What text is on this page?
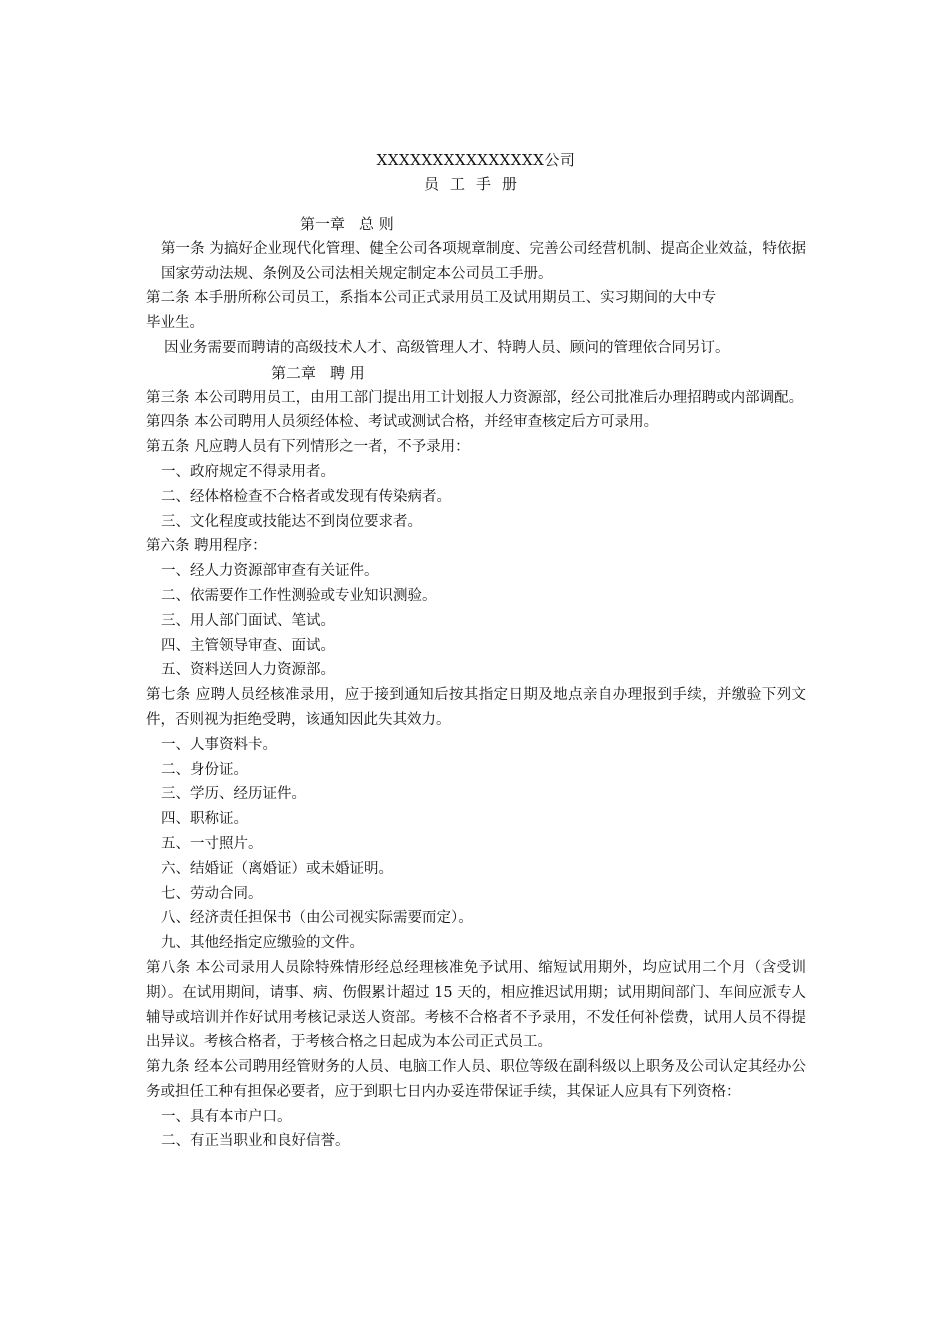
XXXXXXXXXXXXXXX公司
员工手册
第一章 总 则

第一条 为搞好企业现代化管理、健全公司各项规章制度、完善公司经营机制、提高企业效益，特依据国家劳动法规、条例及公司法相关规定制定本公司员工手册。

第二条 本手册所称公司员工，系指本公司正式录用员工及试用期员工、实习期间的大中专

毕业生。

因业务需要而聘请的高级技术人才、高级管理人才、特聘人员、顾问的管理依合同另订。

第二章 聘 用

第三条 本公司聘用员工，由用工部门提出用工计划报人力资源部，经公司批准后办理招聘或内部调配。

第四条 本公司聘用人员须经体检、考试或测试合格，并经审查核定后方可录用。

第五条 凡应聘人员有下列情形之一者，不予录用：

一、政府规定不得录用者。
二、经体格检查不合格者或发现有传染病者。
三、文化程度或技能达不到岗位要求者。

第六条 聘用程序：

一、经人力资源部审查有关证件。
二、依需要作工作性测验或专业知识测验。
三、用人部门面试、笔试。
四、主管领导审查、面试。
五、资料送回人力资源部。

第七条 应聘人员经核准录用，应于接到通知后按其指定日期及地点亲自办理报到手续，并缴验下列文件，否则视为拒绝受聘，该通知因此失其效力。

一、人事资料卡。
二、身份证。
三、学历、经历证件。
四、职称证。
五、一寸照片。
六、结婚证（离婚证）或未婚证明。
七、劳动合同。
八、经济责任担保书（由公司视实际需要而定）。
九、其他经指定应缴验的文件。

第八条 本公司录用人员除特殊情形经总经理核准免予试用、缩短试用期外，均应试用二个月（含受训期）。在试用期间，请事、病、伤假累计超过 15 天的，相应推迟试用期；试用期间部门、车间应派专人辅导或培训并作好试用考核记录送人资部。考核不合格者不予录用，不发任何补偿费，试用人员不得提出异议。考核合格者，于考核合格之日起成为本公司正式员工。

第九条 经本公司聘用经管财务的人员、电脑工作人员、职位等级在副科级以上职务及公司认定其经办公务或担任工种有担保必要者，应于到职七日内办妥连带保证手续，其保证人应具有下列资格：

一、具有本市户口。
二、有正当职业和良好信誉。
